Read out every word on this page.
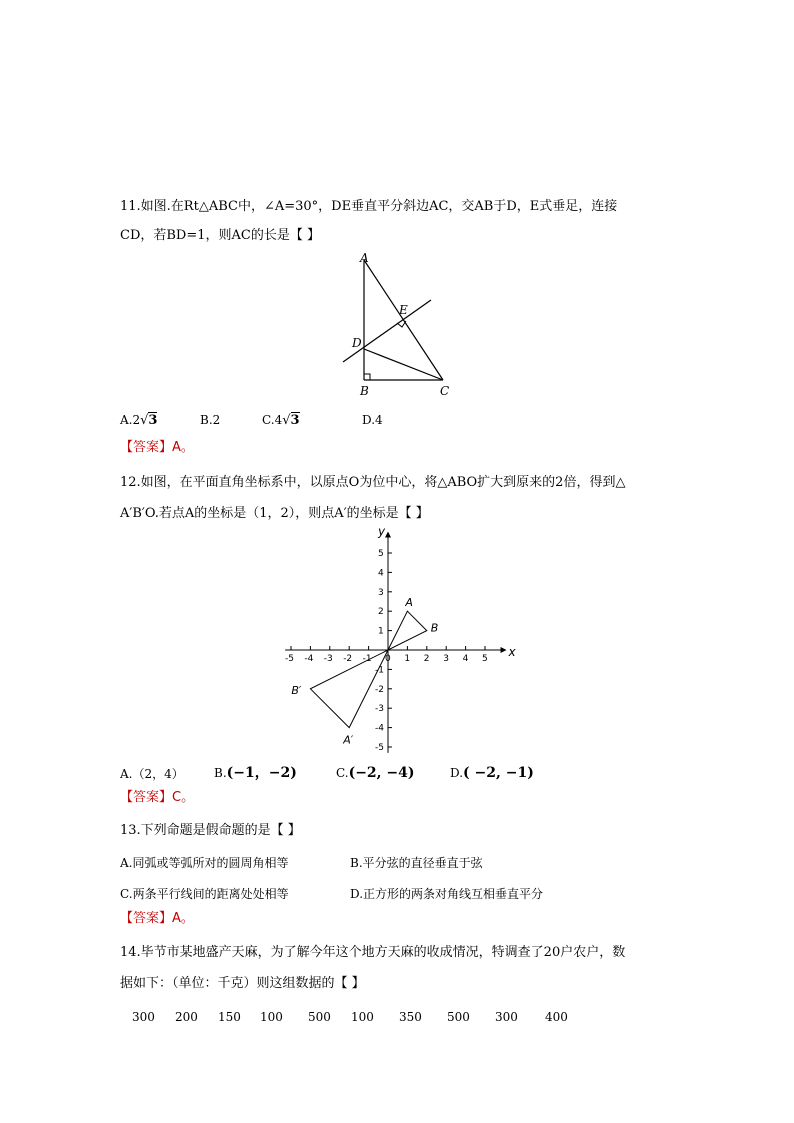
11.如图.在Rt△ABC中，∠A=30°，DE垂直平分斜边AC，交AB于D，E式垂足，连接
CD，若BD=1，则AC的长是【 】
A
E
D
B	C
A.2√3	B.2	C.4√3	D.4
【答案】A。
12.如图，在平面直角坐标系中，以原点O为位中心，将△ABO扩大到原来的2倍，得到△
A′B′O.若点A的坐标是（1，2），则点A′的坐标是【 】
x
y
-5 -4 -3 -2 -1 0 1 2 3 4 5
5
4
3
2
1
-1
-2
-3
-4
-5
A
B
A′
B′
A.（2，4）	B.(−1，−2)	C.(−2, −4)	D.( −2, −1)
【答案】C。
13.下列命题是假命题的是【 】
A.同弧或等弧所对的圆周角相等	B.平分弦的直径垂直于弦
C.两条平行线间的距离处处相等	D.正方形的两条对角线互相垂直平分
【答案】A。
14.毕节市某地盛产天麻，为了解今年这个地方天麻的收成情况，特调查了20户农户，数
据如下：（单位：千克）则这组数据的【 】
300 200 150 100 500 100 350 500 300 400
